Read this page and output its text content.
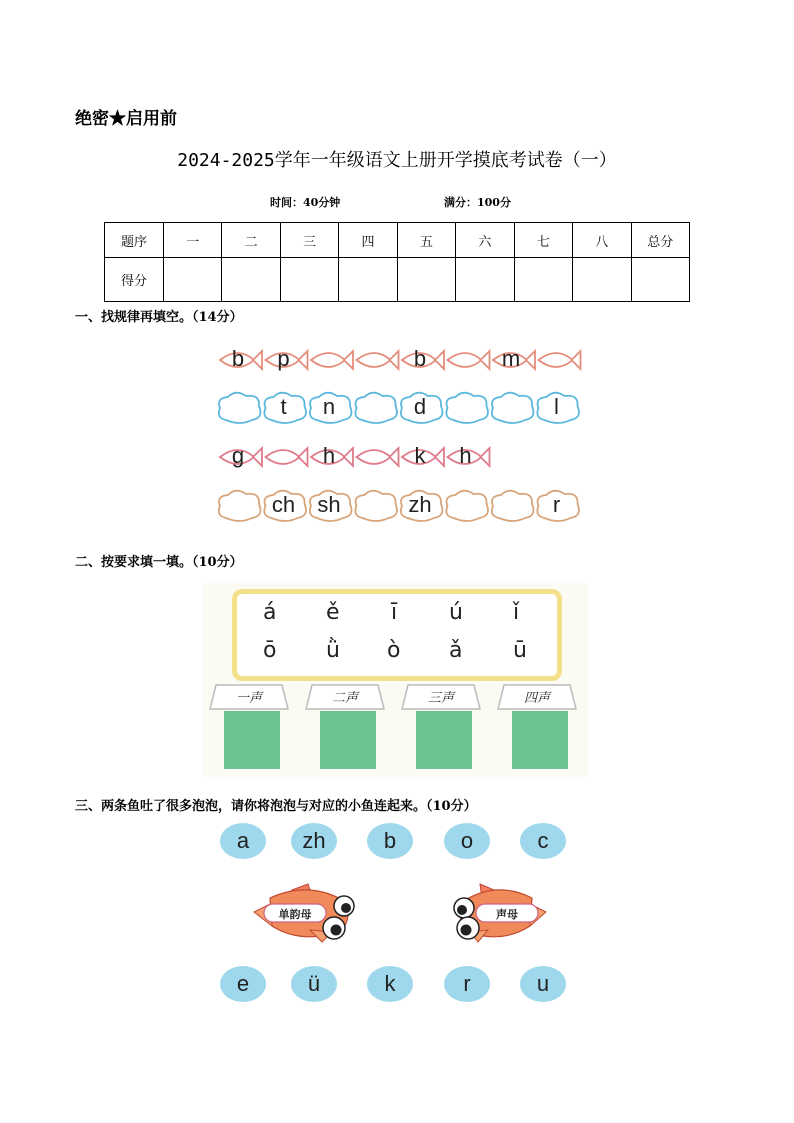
绝密★启用前
2024-2025学年一年级语文上册开学摸底考试卷（一）
时间：40分钟	满分：100分
题序	一	二	三	四	五	六	七	八	总分
得分									
一、找规律再填空。（14分）
b	p	b	m
t	n	d	l
g	h	k	h
ch	sh	zh	r
二、按要求填一填。（10分）
á ě ī ú ǐ
ō ǜ ò ǎ ū
一声	二声	三声	四声
三、两条鱼吐了很多泡泡，请你将泡泡与对应的小鱼连起来。（10分）
a	zh	b	o	c
单韵母	声母
e	ü	k	r	u
